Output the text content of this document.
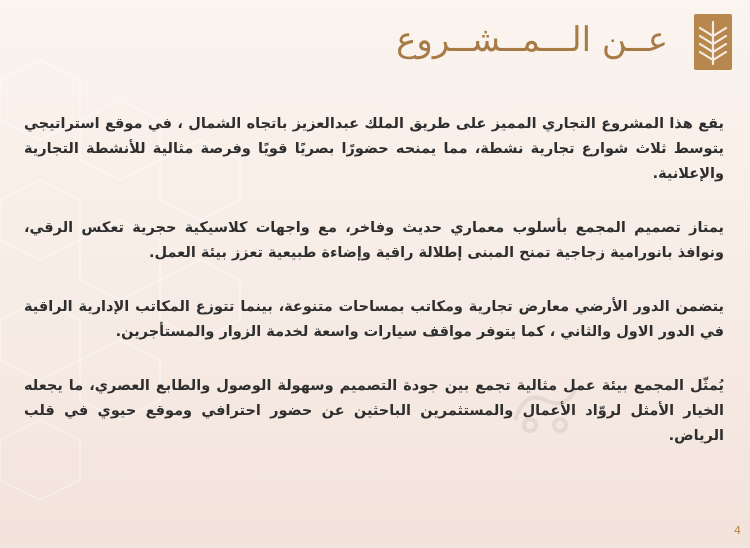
عــن الـــمــشــروع

يقع هذا المشروع التجاري المميز على طريق الملك عبدالعزيز باتجاه الشمال ، في موقع استراتيجي يتوسط ثلاث شوارع تجارية نشطة، مما يمنحه حضورًا بصريًا قويًا وفرصة مثالية للأنشطة التجارية والإعلانية.

يمتاز تصميم المجمع بأسلوب معماري حديث وفاخر، مع واجهات كلاسيكية حجرية تعكس الرقي، ونوافذ بانورامية زجاجية تمنح المبنى إطلالة راقية وإضاءة طبيعية تعزز بيئة العمل.

يتضمن الدور الأرضي معارض تجارية ومكاتب بمساحات متنوعة، بينما تتوزع المكاتب الإدارية الراقية في الدور الاول والثاني ، كما يتوفر مواقف سيارات واسعة لخدمة الزوار والمستأجرين.

يُمثّل المجمع بيئة عمل مثالية تجمع بين جودة التصميم وسهولة الوصول والطابع العصري، ما يجعله الخيار الأمثل لروّاد الأعمال والمستثمرين الباحثين عن حضور احترافي وموقع حيوي في قلب الرياض.

4
